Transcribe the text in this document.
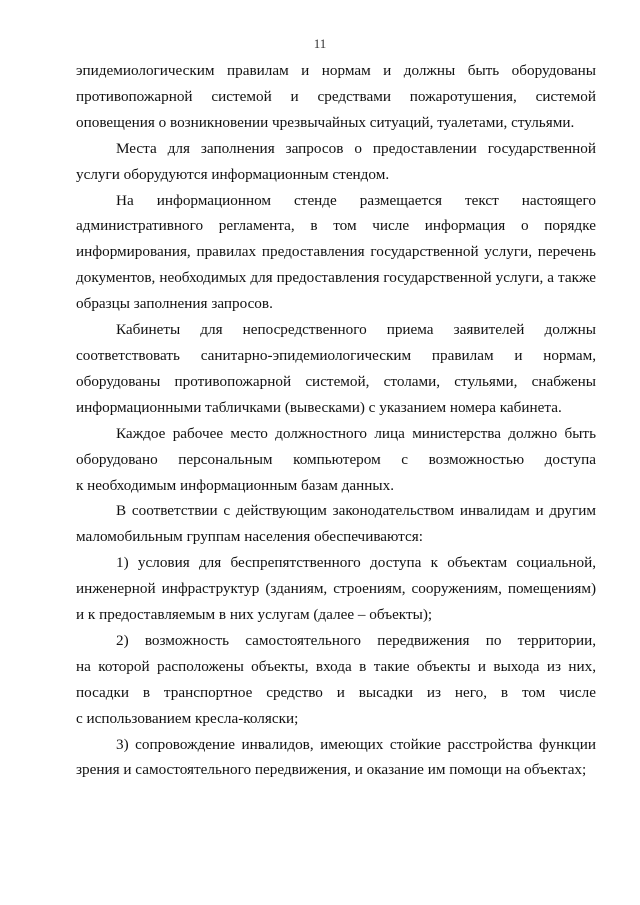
11

эпидемиологическим правилам и нормам и должны быть оборудованы
противопожарной системой и средствами пожаротушения, системой
оповещения о возникновении чрезвычайных ситуаций, туалетами, стульями.

Места для заполнения запросов о предоставлении государственной
услуги оборудуются информационным стендом.

На информационном стенде размещается текст настоящего
административного регламента, в том числе информация о порядке
информирования, правилах предоставления государственной услуги, перечень
документов, необходимых для предоставления государственной услуги, а также
образцы заполнения запросов.

Кабинеты для непосредственного приема заявителей должны
соответствовать санитарно-эпидемиологическим правилам и нормам,
оборудованы противопожарной системой, столами, стульями, снабжены
информационными табличками (вывесками) с указанием номера кабинета.

Каждое рабочее место должностного лица министерства должно быть
оборудовано персональным компьютером с возможностью доступа
к необходимым информационным базам данных.

В соответствии с действующим законодательством инвалидам и другим
маломобильным группам населения обеспечиваются:

1) условия для беспрепятственного доступа к объектам социальной,
инженерной инфраструктур (зданиям, строениям, сооружениям, помещениям)
и к предоставляемым в них услугам (далее – объекты);

2) возможность самостоятельного передвижения по территории,
на которой расположены объекты, входа в такие объекты и выхода из них,
посадки в транспортное средство и высадки из него, в том числе
с использованием кресла-коляски;

3) сопровождение инвалидов, имеющих стойкие расстройства функции
зрения и самостоятельного передвижения, и оказание им помощи на объектах;
